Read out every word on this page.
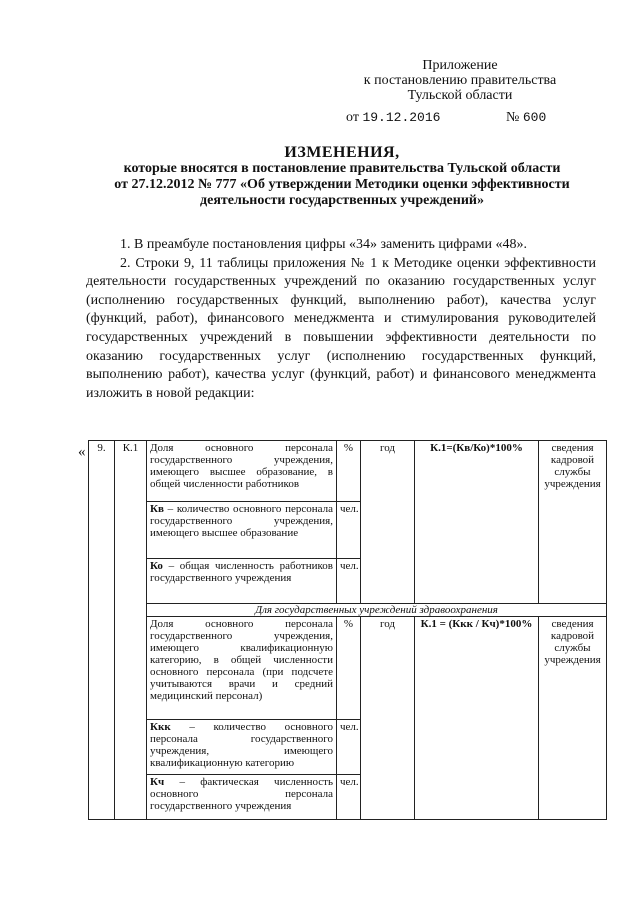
Приложение
к постановлению правительства
Тульской области
от 19.12.2016	№ 600
ИЗМЕНЕНИЯ,
которые вносятся в постановление правительства Тульской области
от 27.12.2012 № 777 «Об утверждении Методики оценки эффективности
деятельности государственных учреждений»

1. В преамбуле постановления цифры «34» заменить цифрами «48».

2. Строки 9, 11 таблицы приложения № 1 к Методике оценки эффективности деятельности государственных учреждений по оказанию государственных услуг (исполнению государственных функций, выполнению работ), качества услуг (функций, работ), финансового менеджмента и стимулирования руководителей государственных учреждений в повышении эффективности деятельности по оказанию государственных услуг (исполнению государственных функций, выполнению работ), качества услуг (функций, работ) и финансового менеджмента изложить в новой редакции:

« 9.	К.1	Доля основного персонала государственного учреждения, имеющего высшее образование, в общей численности работников	%	год	К.1=(Кв/Ко)*100%	сведения кадровой службы учреждения
		Кв – количество основного персонала государственного учреждения, имеющего высшее образование	чел.			
		Ко – общая численность работников государственного учреждения	чел.			
		Для государственных учреждений здравоохранения				
		Доля основного персонала государственного учреждения, имеющего квалификационную категорию, в общей численности основного персонала (при подсчете учитываются врачи и средний медицинский персонал)	%	год	К.1 = (Ккк / Кч)*100%	сведения кадровой службы учреждения
		Ккк – количество основного персонала государственного учреждения, имеющего квалификационную категорию	чел.			
		Кч – фактическая численность основного персонала государственного учреждения	чел.			
